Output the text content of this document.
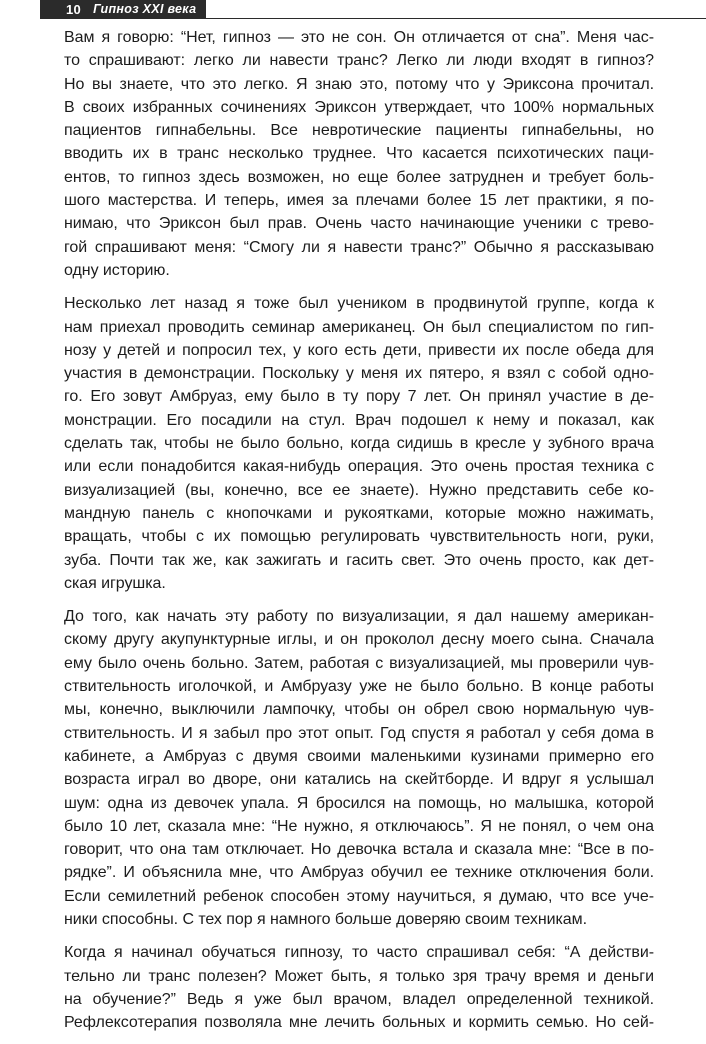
10 Гипноз XXI века
Вам я говорю: “Нет, гипноз — это не сон. Он отличается от сна”. Меня час-
то спрашивают: легко ли навести транс? Легко ли люди входят в гипноз?
Но вы знаете, что это легко. Я знаю это, потому что у Эриксона прочитал.
В своих избранных сочинениях Эриксон утверждает, что 100% нормальных
пациентов гипнабельны. Все невротические пациенты гипнабельны, но
вводить их в транс несколько труднее. Что касается психотических паци-
ентов, то гипноз здесь возможен, но еще более затруднен и требует боль-
шого мастерства. И теперь, имея за плечами более 15 лет практики, я по-
нимаю, что Эриксон был прав. Очень часто начинающие ученики с трево-
гой спрашивают меня: “Смогу ли я навести транс?” Обычно я рассказываю
одну историю.
Несколько лет назад я тоже был учеником в продвинутой группе, когда к
нам приехал проводить семинар американец. Он был специалистом по гип-
нозу у детей и попросил тех, у кого есть дети, привести их после обеда для
участия в демонстрации. Поскольку у меня их пятеро, я взял с собой одно-
го. Его зовут Амбруаз, ему было в ту пору 7 лет. Он принял участие в де-
монстрации. Его посадили на стул. Врач подошел к нему и показал, как
сделать так, чтобы не было больно, когда сидишь в кресле у зубного врача
или если понадобится какая-нибудь операция. Это очень простая техника с
визуализацией (вы, конечно, все ее знаете). Нужно представить себе ко-
мандную панель с кнопочками и рукоятками, которые можно нажимать,
вращать, чтобы с их помощью регулировать чувствительность ноги, руки,
зуба. Почти так же, как зажигать и гасить свет. Это очень просто, как дет-
ская игрушка.
До того, как начать эту работу по визуализации, я дал нашему американ-
скому другу акупунктурные иглы, и он проколол десну моего сына. Сначала
ему было очень больно. Затем, работая с визуализацией, мы проверили чув-
ствительность иголочкой, и Амбруазу уже не было больно. В конце работы
мы, конечно, выключили лампочку, чтобы он обрел свою нормальную чув-
ствительность. И я забыл про этот опыт. Год спустя я работал у себя дома в
кабинете, а Амбруаз с двумя своими маленькими кузинами примерно его
возраста играл во дворе, они катались на скейтборде. И вдруг я услышал
шум: одна из девочек упала. Я бросился на помощь, но малышка, которой
было 10 лет, сказала мне: “Не нужно, я отключаюсь”. Я не понял, о чем она
говорит, что она там отключает. Но девочка встала и сказала мне: “Все в по-
рядке”. И объяснила мне, что Амбруаз обучил ее технике отключения боли.
Если семилетний ребенок способен этому научиться, я думаю, что все уче-
ники способны. С тех пор я намного больше доверяю своим техникам.
Когда я начинал обучаться гипнозу, то часто спрашивал себя: “А действи-
тельно ли транс полезен? Может быть, я только зря трачу время и деньги
на обучение?” Ведь я уже был врачом, владел определенной техникой.
Рефлексотерапия позволяла мне лечить больных и кормить семью. Но сей-
